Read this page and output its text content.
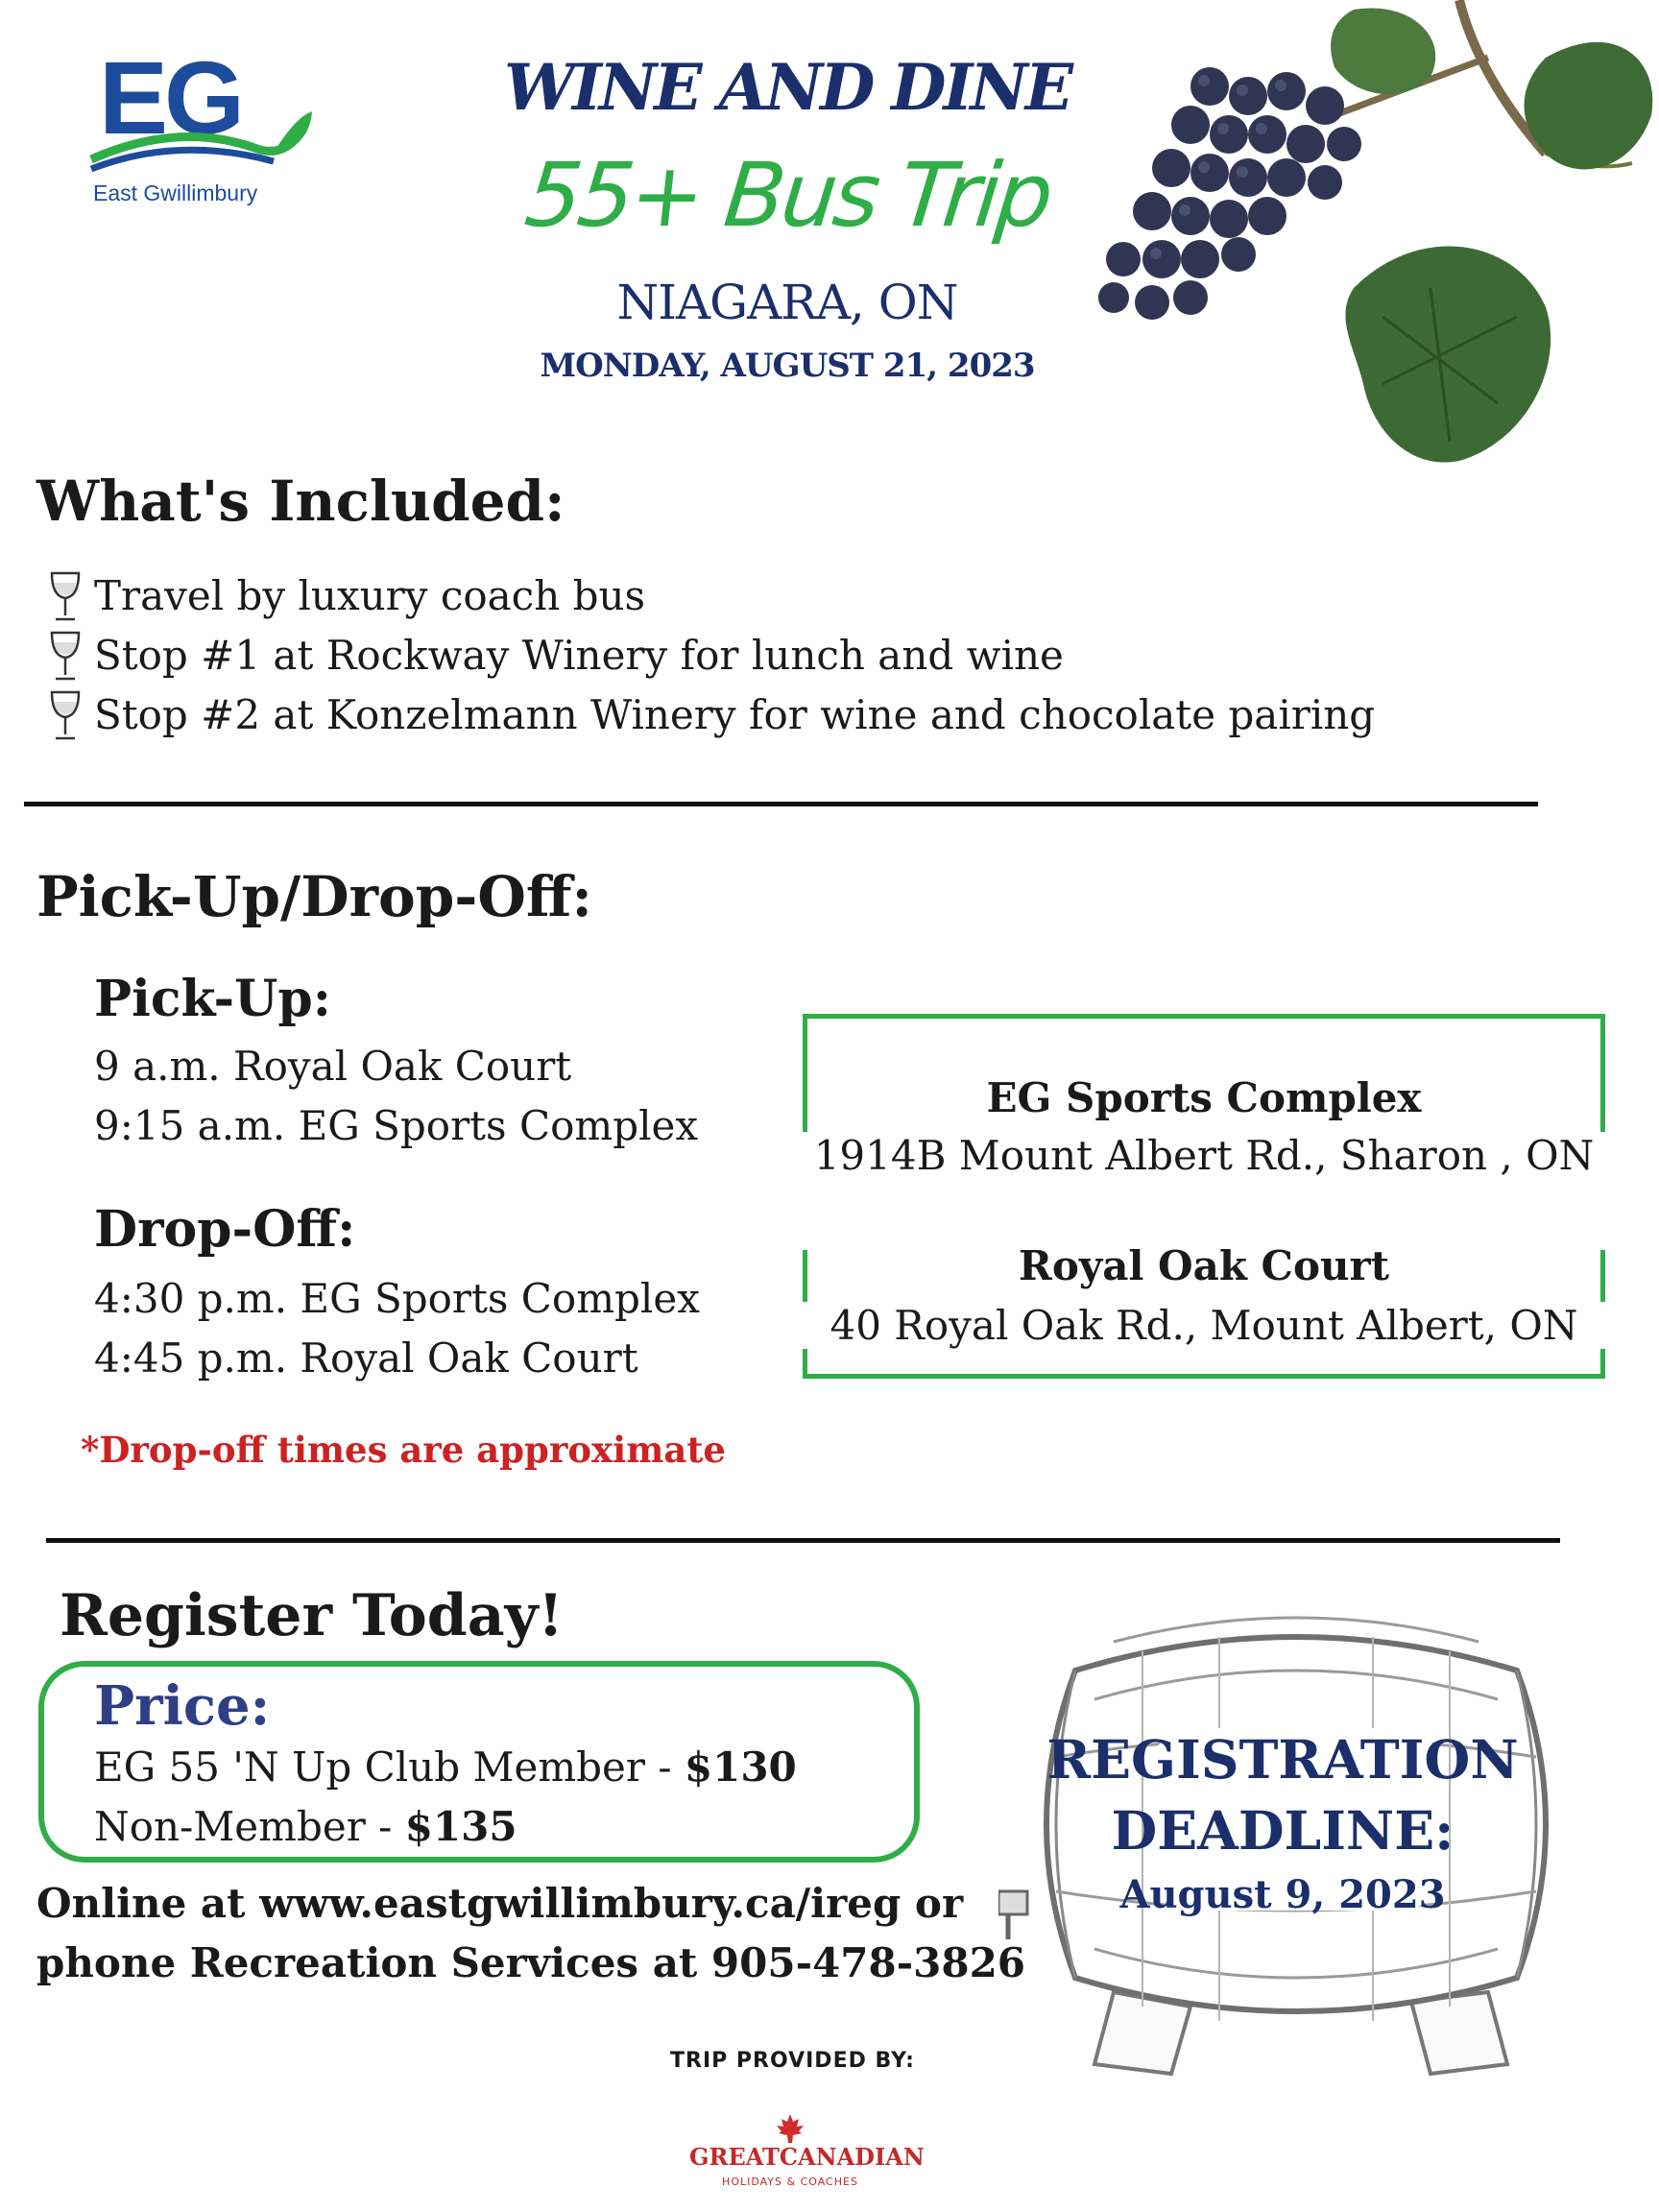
EG
East Gwillimbury
WINE AND DINE
55+ Bus Trip
NIAGARA, ON
MONDAY, AUGUST 21, 2023
What's Included:
Travel by luxury coach bus
Stop #1 at Rockway Winery for lunch and wine
Stop #2 at Konzelmann Winery for wine and chocolate pairing
Pick-Up/Drop-Off:
Pick-Up:
9 a.m. Royal Oak Court
9:15 a.m. EG Sports Complex
Drop-Off:
4:30 p.m. EG Sports Complex
4:45 p.m. Royal Oak Court
*Drop-off times are approximate
EG Sports Complex
1914B Mount Albert Rd., Sharon , ON
Royal Oak Court
40 Royal Oak Rd., Mount Albert, ON
Register Today!
Price:
EG 55 'N Up Club Member - $130
Non-Member - $135
Online at www.eastgwillimbury.ca/ireg or
phone Recreation Services at 905-478-3826
TRIP PROVIDED BY:
GREATCANADIAN
HOLIDAYS & COACHES
REGISTRATION
DEADLINE:
August 9, 2023
